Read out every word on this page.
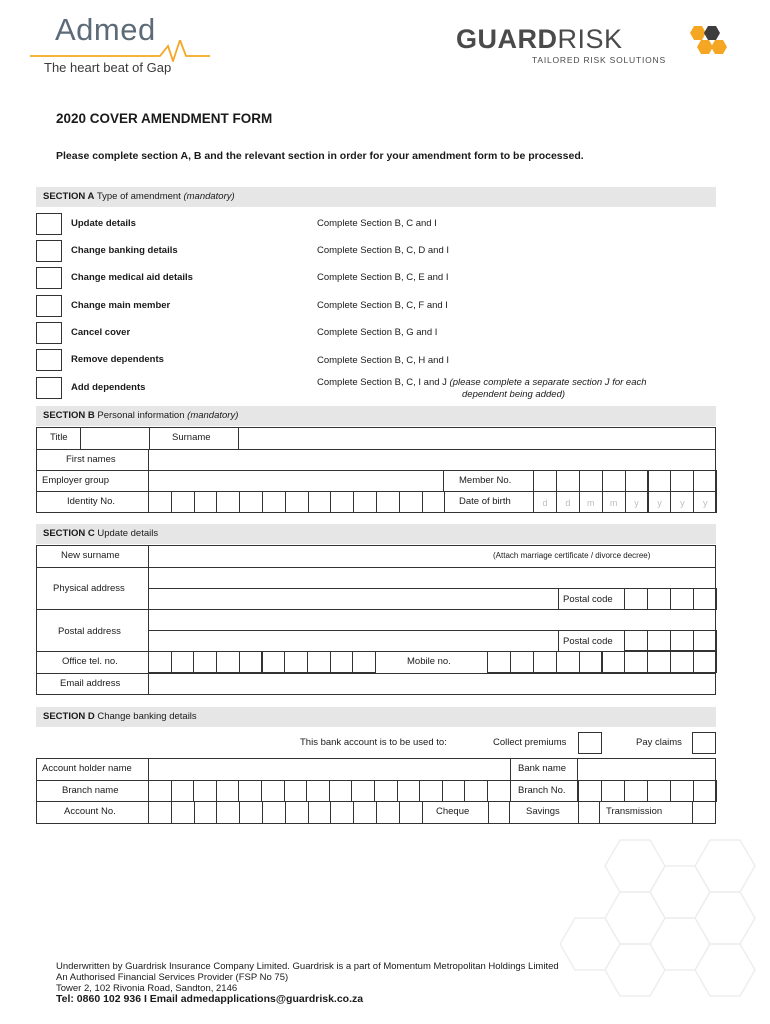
Admed
The heart beat of Gap
GUARDRISK
TAILORED RISK SOLUTIONS
2020 COVER AMENDMENT FORM
Please complete section A, B and the relevant section in order for your amendment form to be processed.
SECTION A Type of amendment (mandatory)
Update details	Complete Section B, C and I
Change banking details	Complete Section B, C, D and I
Change medical aid details	Complete Section B, C, E and I
Change main member	Complete Section B, C, F and I
Cancel cover	Complete Section B, G and I
Remove dependents	Complete Section B, C, H and I
Add dependents	Complete Section B, C, I and J (please complete a separate section J for each
dependent being added)
SECTION B Personal information (mandatory)
Title	Surname
First names
Employer group	Member No.
Identity No.	Date of birth	d	d	m	m	y	y	y	y
SECTION C Update details
New surname	(Attach marriage certificate / divorce decree)
Physical address
Postal code
Postal address
Postal code
Office tel. no.	Mobile no.
Email address
SECTION D Change banking details
This bank account is to be used to:	Collect premiums	Pay claims
Account holder name	Bank name
Branch name	Branch No.
Account No.	Cheque	Savings	Transmission
Underwritten by Guardrisk Insurance Company Limited. Guardrisk is a part of Momentum Metropolitan Holdings Limited
An Authorised Financial Services Provider (FSP No 75)
Tower 2, 102 Rivonia Road, Sandton, 2146
Tel: 0860 102 936 I Email admedapplications@guardrisk.co.za
